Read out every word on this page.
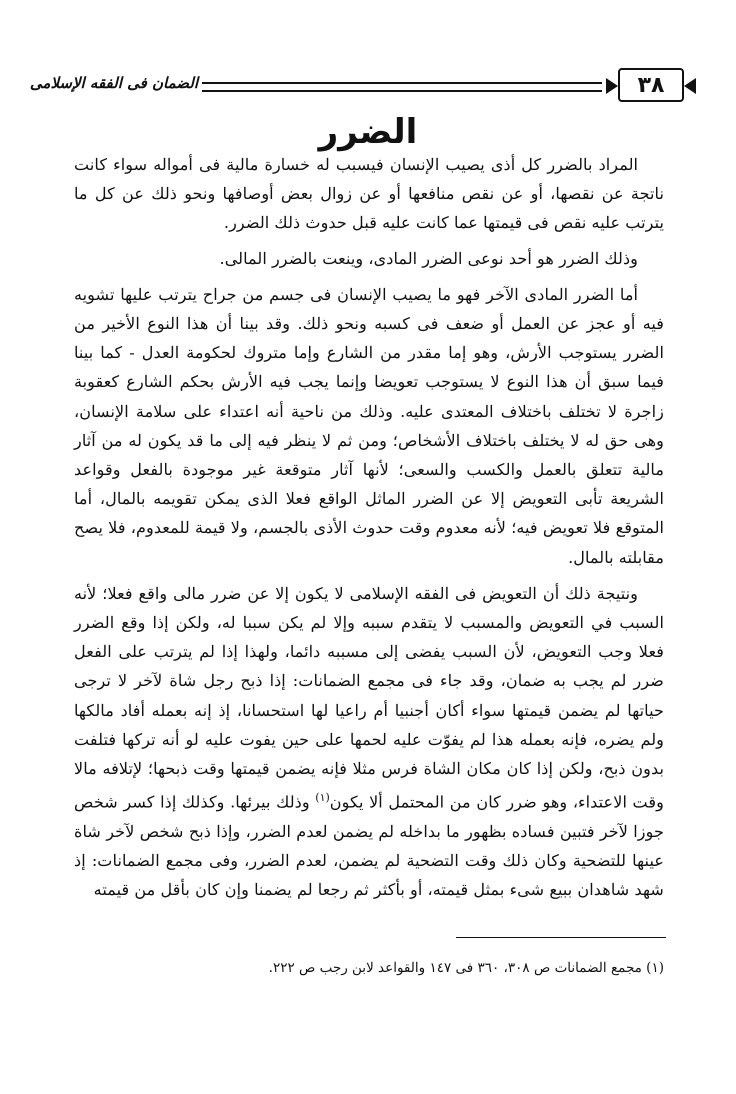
٣٨
الضمان فى الفقه الإسلامى
الضرر

المراد بالضرر كل أذى يصيب الإنسان فيسبب له خسارة مالية فى أمواله سواء كانت ناتجة عن نقصها، أو عن نقص منافعها أو عن زوال بعض أوصافها ونحو ذلك عن كل ما يترتب عليه نقص فى قيمتها عما كانت عليه قبل حدوث ذلك الضرر.

وذلك الضرر هو أحد نوعى الضرر المادى، وينعت بالضرر المالى.

أما الضرر المادى الآخر فهو ما يصيب الإنسان فى جسم من جراح يترتب عليها تشويه فيه أو عجز عن العمل أو ضعف فى كسبه ونحو ذلك. وقد بينا أن هذا النوع الأخير من الضرر يستوجب الأرش، وهو إما مقدر من الشارع وإما متروك لحكومة العدل - كما بينا فيما سبق أن هذا النوع لا يستوجب تعويضا وإنما يجب فيه الأرش بحكم الشارع كعقوبة زاجرة لا تختلف باختلاف المعتدى عليه. وذلك من ناحية أنه اعتداء على سلامة الإنسان، وهى حق له لا يختلف باختلاف الأشخاص؛ ومن ثم لا ينظر فيه إلى ما قد يكون له من آثار مالية تتعلق بالعمل والكسب والسعى؛ لأنها آثار متوقعة غير موجودة بالفعل وقواعد الشريعة تأبى التعويض إلا عن الضرر الماثل الواقع فعلا الذى يمكن تقويمه بالمال، أما المتوقع فلا تعويض فيه؛ لأنه معدوم وقت حدوث الأذى بالجسم، ولا قيمة للمعدوم، فلا يصح مقابلته بالمال.

ونتيجة ذلك أن التعويض فى الفقه الإسلامى لا يكون إلا عن ضرر مالى واقع فعلا؛ لأنه السبب في التعويض والمسبب لا يتقدم سببه وإلا لم يكن سببا له، ولكن إذا وقع الضرر فعلا وجب التعويض، لأن السبب يفضى إلى مسببه دائما، ولهذا إذا لم يترتب على الفعل ضرر لم يجب به ضمان، وقد جاء فى مجمع الضمانات: إذا ذبح رجل شاة لآخر لا ترجى حياتها لم يضمن قيمتها سواء أكان أجنبيا أم راعيا لها استحسانا، إذ إنه بعمله أفاد مالكها ولم يضره، فإنه بعمله هذا لم يفوّت عليه لحمها على حين يفوت عليه لو أنه تركها فتلفت بدون ذبح، ولكن إذا كان مكان الشاة فرس مثلا فإنه يضمن قيمتها وقت ذبحها؛ لإتلافه مالا وقت الاعتداء، وهو ضرر كان من المحتمل ألا يكون$^{(١)}$ وذلك بيرئها. وكذلك إذا كسر شخص جوزا لآخر فتبين فساده بظهور ما بداخله لم يضمن لعدم الضرر، وإذا ذبح شخص لآخر شاة عينها للتضحية وكان ذلك وقت التضحية لم يضمن، لعدم الضرر، وفى مجمع الضمانات: إذ شهد شاهدان ببيع شىء بمثل قيمته، أو بأكثر ثم رجعا لم يضمنا وإن كان بأقل من قيمته

(١) مجمع الضمانات ص ٣٠٨، ٣٦٠ فى ١٤٧ والقواعد لابن رجب ص ٢٢٢.
